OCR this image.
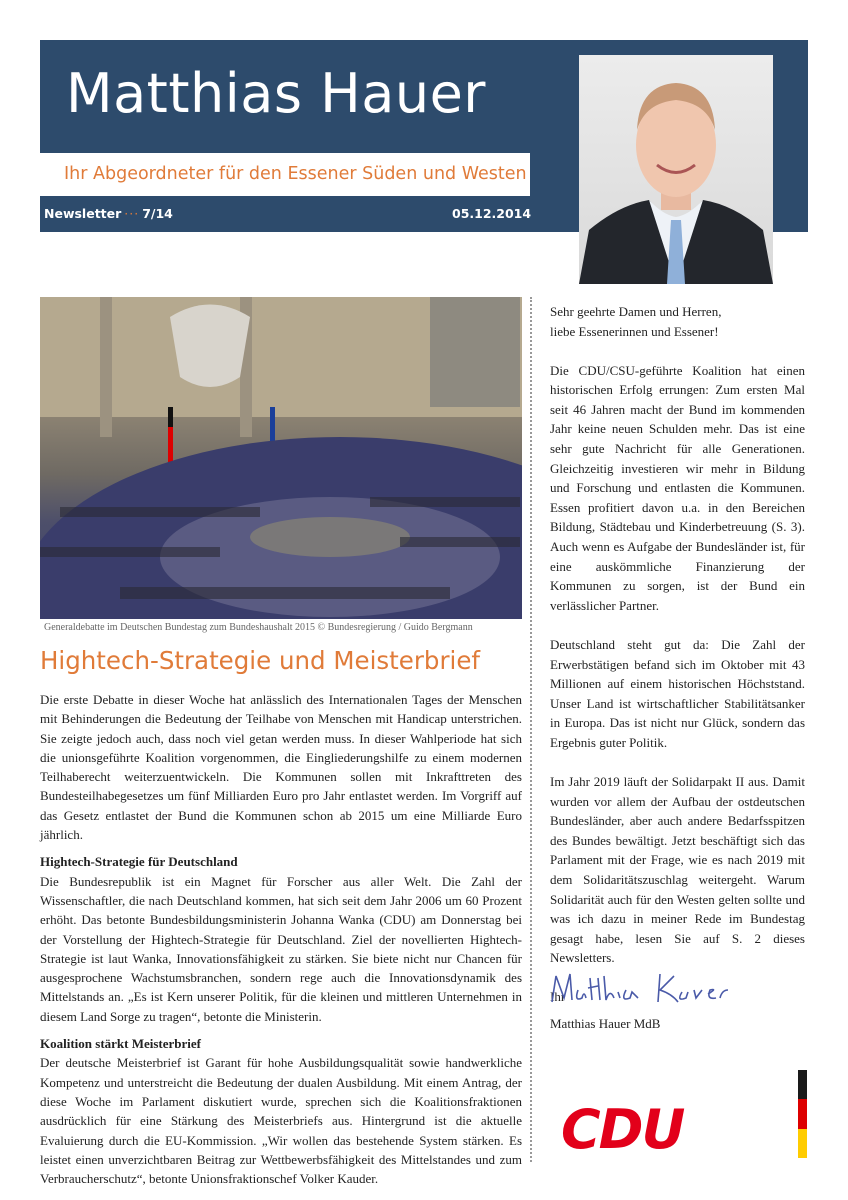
Matthias Hauer
Ihr Abgeordneter für den Essener Süden und Westen
Newsletter ··· 7/14	05.12.2014
Generaldebatte im Deutschen Bundestag zum Bundeshaushalt 2015 © Bundesregierung / Guido Bergmann
Hightech-Strategie und Meisterbrief

Die erste Debatte in dieser Woche hat anlässlich des Internationalen Tages der Menschen mit Behinderungen die Bedeutung der Teilhabe von Menschen mit Handicap unterstrichen. Sie zeigte jedoch auch, dass noch viel getan werden muss. In dieser Wahlperiode hat sich die unionsgeführte Koalition vorgenommen, die Eingliederungshilfe zu einem modernen Teilhaberecht weiterzuentwickeln. Die Kommunen sollen mit Inkrafttreten des Bundesteilhabegesetzes um fünf Milliarden Euro pro Jahr entlastet werden. Im Vorgriff auf das Gesetz entlastet der Bund die Kommunen schon ab 2015 um eine Milliarde Euro jährlich.

Hightech-Strategie für Deutschland

Die Bundesrepublik ist ein Magnet für Forscher aus aller Welt. Die Zahl der Wissenschaftler, die nach Deutschland kommen, hat sich seit dem Jahr 2006 um 60 Prozent erhöht. Das betonte Bundesbildungsministerin Johanna Wanka (CDU) am Donnerstag bei der Vorstellung der Hightech-Strategie für Deutschland. Ziel der novellierten Hightech-Strategie ist laut Wanka, Innovationsfähigkeit zu stärken. Sie biete nicht nur Chancen für ausgesprochene Wachstumsbranchen, sondern rege auch die Innovationsdynamik des Mittelstands an. „Es ist Kern unserer Politik, für die kleinen und mittleren Unternehmen in diesem Land Sorge zu tragen“, betonte die Ministerin.

Koalition stärkt Meisterbrief

Der deutsche Meisterbrief ist Garant für hohe Ausbildungsqualität sowie handwerkliche Kompetenz und unterstreicht die Bedeutung der dualen Ausbildung. Mit einem Antrag, der diese Woche im Parlament diskutiert wurde, sprechen sich die Koalitionsfraktionen ausdrücklich für eine Stärkung des Meisterbriefs aus. Hintergrund ist die aktuelle Evaluierung durch die EU-Kommission. „Wir wollen das bestehende System stärken. Es leistet einen unverzichtbaren Beitrag zur Wettbewerbsfähigkeit des Mittelstandes und zum Verbraucherschutz“, betonte Unionsfraktionschef Volker Kauder.

Sehr geehrte Damen und Herren,

liebe Essenerinnen und Essener!

Die CDU/CSU-geführte Koalition hat einen historischen Erfolg errungen: Zum ersten Mal seit 46 Jahren macht der Bund im kommenden Jahr keine neuen Schulden mehr. Das ist eine sehr gute Nachricht für alle Generationen. Gleichzeitig investieren wir mehr in Bildung und Forschung und entlasten die Kommunen. Essen profitiert davon u.a. in den Bereichen Bildung, Städtebau und Kinderbetreuung (S. 3). Auch wenn es Aufgabe der Bundesländer ist, für eine auskömmliche Finanzierung der Kommunen zu sorgen, ist der Bund ein verlässlicher Partner.

Deutschland steht gut da: Die Zahl der Erwerbstätigen befand sich im Oktober mit 43 Millionen auf einem historischen Höchststand. Unser Land ist wirtschaftlicher Stabilitätsanker in Europa. Das ist nicht nur Glück, sondern das Ergebnis guter Politik.

Im Jahr 2019 läuft der Solidarpakt II aus. Damit wurden vor allem der Aufbau der ostdeutschen Bundesländer, aber auch andere Bedarfsspitzen des Bundes bewältigt. Jetzt beschäftigt sich das Parlament mit der Frage, wie es nach 2019 mit dem Solidaritätszuschlag weitergeht. Warum Solidarität auch für den Westen gelten sollte und was ich dazu in meiner Rede im Bundestag gesagt habe, lesen Sie auf S. 2 dieses Newsletters.

Ihr

Matthias Hauer MdB
CDU
